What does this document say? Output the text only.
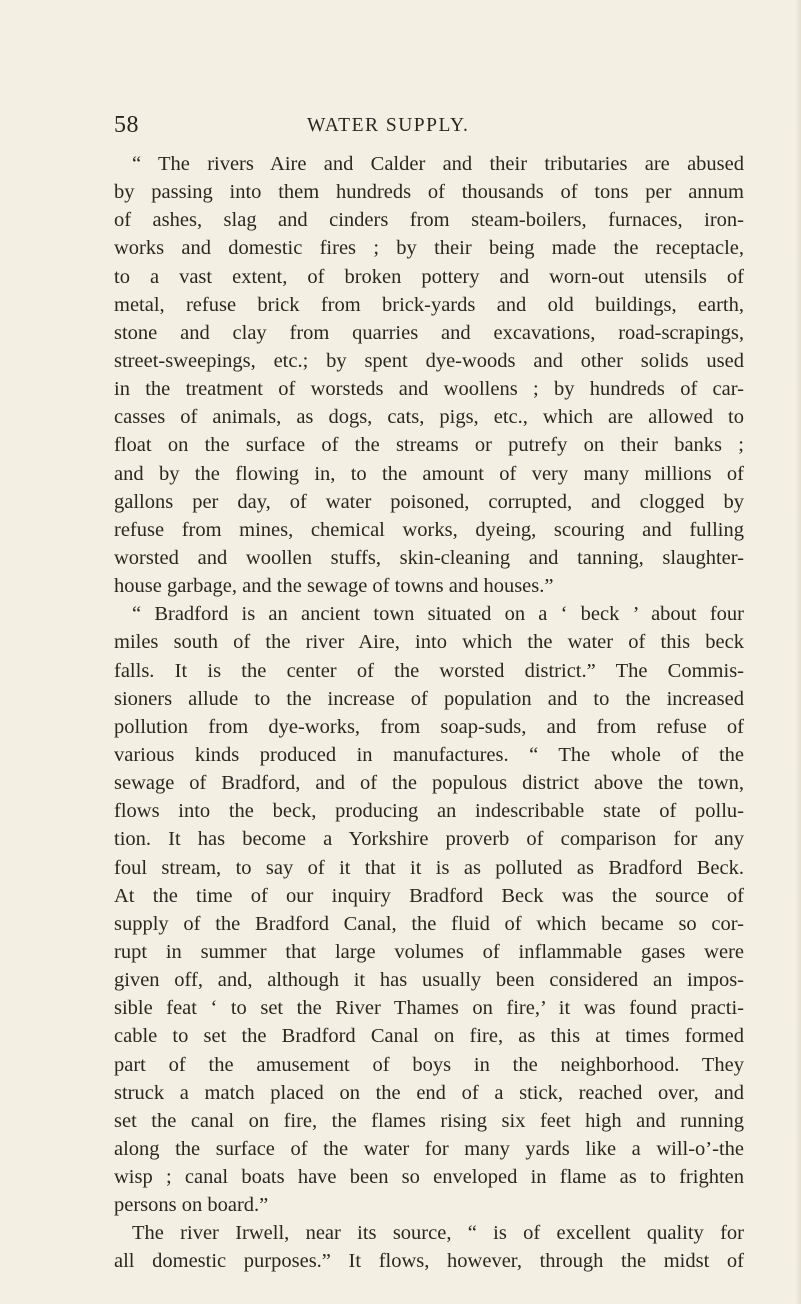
58	WATER SUPPLY.
“ The rivers Aire and Calder and their tributaries are abused
by passing into them hundreds of thousands of tons per annum
of ashes, slag and cinders from steam-boilers, furnaces, iron-
works and domestic fires ; by their being made the receptacle,
to a vast extent, of broken pottery and worn-out utensils of
metal, refuse brick from brick-yards and old buildings, earth,
stone and clay from quarries and excavations, road-scrapings,
street-sweepings, etc.; by spent dye-woods and other solids used
in the treatment of worsteds and woollens ; by hundreds of car-
casses of animals, as dogs, cats, pigs, etc., which are allowed to
float on the surface of the streams or putrefy on their banks ;
and by the flowing in, to the amount of very many millions of
gallons per day, of water poisoned, corrupted, and clogged by
refuse from mines, chemical works, dyeing, scouring and fulling
worsted and woollen stuffs, skin-cleaning and tanning, slaughter-
house garbage, and the sewage of towns and houses.”
“ Bradford is an ancient town situated on a ‘ beck ’ about four
miles south of the river Aire, into which the water of this beck
falls. It is the center of the worsted district.” The Commis-
sioners allude to the increase of population and to the increased
pollution from dye-works, from soap-suds, and from refuse of
various kinds produced in manufactures. “ The whole of the
sewage of Bradford, and of the populous district above the town,
flows into the beck, producing an indescribable state of pollu-
tion. It has become a Yorkshire proverb of comparison for any
foul stream, to say of it that it is as polluted as Bradford Beck.
At the time of our inquiry Bradford Beck was the source of
supply of the Bradford Canal, the fluid of which became so cor-
rupt in summer that large volumes of inflammable gases were
given off, and, although it has usually been considered an impos-
sible feat ‘ to set the River Thames on fire,’ it was found practi-
cable to set the Bradford Canal on fire, as this at times formed
part of the amusement of boys in the neighborhood. They
struck a match placed on the end of a stick, reached over, and
set the canal on fire, the flames rising six feet high and running
along the surface of the water for many yards like a will-o’-the
wisp ; canal boats have been so enveloped in flame as to frighten
persons on board.”
The river Irwell, near its source, “ is of excellent quality for
all domestic purposes.” It flows, however, through the midst of
